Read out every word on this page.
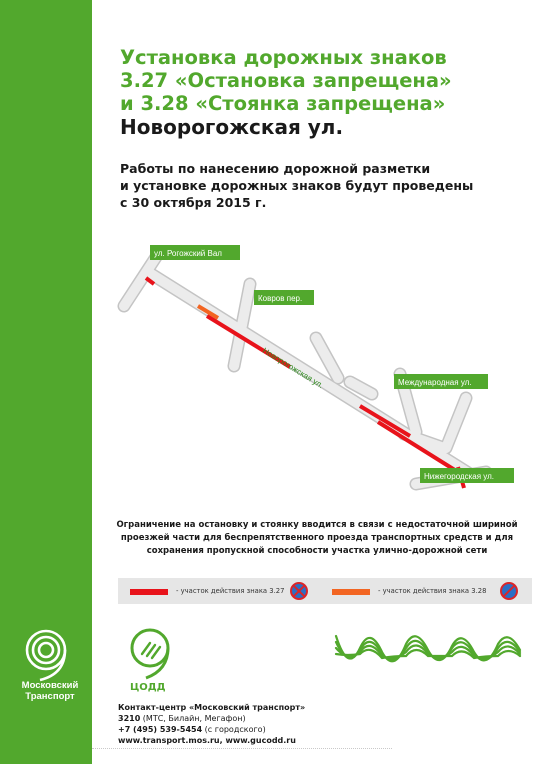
Московский
Транспорт
Установка дорожных знаков
3.27 «Остановка запрещена»
и 3.28 «Стоянка запрещена»
Новорогожская ул.

Работы по нанесению дорожной разметки
и установке дорожных знаков будут проведены
с 30 октября 2015 г.

Новорогожская ул.
ул. Рогожский Вал
Ковров пер.
Международная ул.
Нижегородская ул.

Ограничение на остановку и стоянку вводится в связи с недостаточной шириной
проезжей части для беспрепятственного проезда транспортных средств и для
сохранения пропускной способности участка улично-дорожной сети

- участок действия знака 3.27	- участок действия знака 3.28
ЦОДД

Контакт-центр «Московский транспорт»
3210 (МТС, Билайн, Мегафон)
+7 (495) 539-5454 (с городского)
www.transport.mos.ru, www.gucodd.ru
